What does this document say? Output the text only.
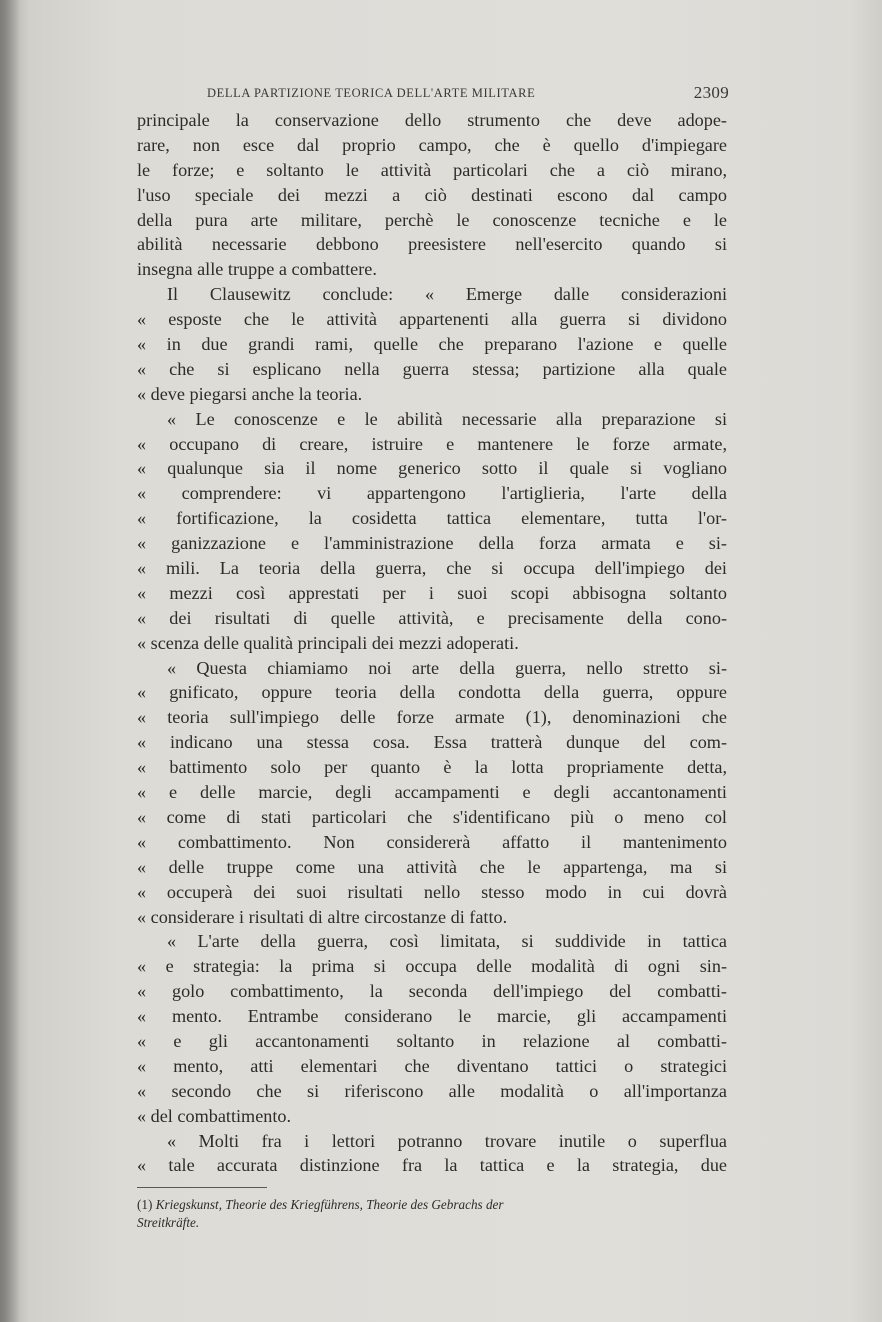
DELLA PARTIZIONE TEORICA DELL'ARTE MILITARE	2309
principale la conservazione dello strumento che deve adope-
rare, non esce dal proprio campo, che è quello d'impiegare
le forze; e soltanto le attività particolari che a ciò mirano,
l'uso speciale dei mezzi a ciò destinati escono dal campo
della pura arte militare, perchè le conoscenze tecniche e le
abilità necessarie debbono preesistere nell'esercito quando si
insegna alle truppe a combattere.
Il Clausewitz conclude: « Emerge dalle considerazioni
« esposte che le attività appartenenti alla guerra si dividono
« in due grandi rami, quelle che preparano l'azione e quelle
« che si esplicano nella guerra stessa; partizione alla quale
« deve piegarsi anche la teoria.
« Le conoscenze e le abilità necessarie alla preparazione si
« occupano di creare, istruire e mantenere le forze armate,
« qualunque sia il nome generico sotto il quale si vogliano
« comprendere: vi appartengono l'artiglieria, l'arte della
« fortificazione, la cosidetta tattica elementare, tutta l'or-
« ganizzazione e l'amministrazione della forza armata e si-
« mili. La teoria della guerra, che si occupa dell'impiego dei
« mezzi così apprestati per i suoi scopi abbisogna soltanto
« dei risultati di quelle attività, e precisamente della cono-
« scenza delle qualità principali dei mezzi adoperati.
« Questa chiamiamo noi arte della guerra, nello stretto si-
« gnificato, oppure teoria della condotta della guerra, oppure
« teoria sull'impiego delle forze armate (1), denominazioni che
« indicano una stessa cosa. Essa tratterà dunque del com-
« battimento solo per quanto è la lotta propriamente detta,
« e delle marcie, degli accampamenti e degli accantonamenti
« come di stati particolari che s'identificano più o meno col
« combattimento. Non considererà affatto il mantenimento
« delle truppe come una attività che le appartenga, ma si
« occuperà dei suoi risultati nello stesso modo in cui dovrà
« considerare i risultati di altre circostanze di fatto.
« L'arte della guerra, così limitata, si suddivide in tattica
« e strategia: la prima si occupa delle modalità di ogni sin-
« golo combattimento, la seconda dell'impiego del combatti-
« mento. Entrambe considerano le marcie, gli accampamenti
« e gli accantonamenti soltanto in relazione al combatti-
« mento, atti elementari che diventano tattici o strategici
« secondo che si riferiscono alle modalità o all'importanza
« del combattimento.
« Molti fra i lettori potranno trovare inutile o superflua
« tale accurata distinzione fra la tattica e la strategia, due
(1) Kriegskunst, Theorie des Kriegführens, Theorie des Gebrachs der
Streitkräfte.
